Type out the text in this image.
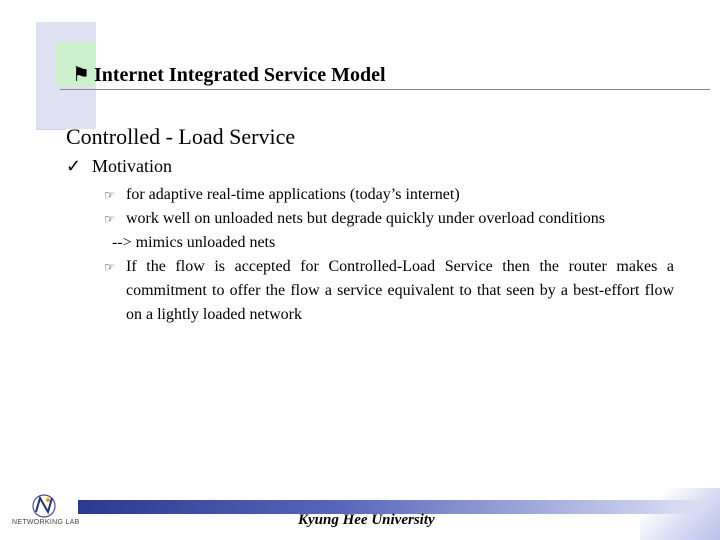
⚑ Internet Integrated Service Model
Controlled - Load Service
✓ Motivation
☞ for adaptive real-time applications (today’s internet)
☞ work well on unloaded nets but degrade quickly under overload conditions
--> mimics unloaded nets
☞ If the flow is accepted for Controlled-Load Service then the router makes a commitment to offer the flow a service equivalent to that seen by a best-effort flow on a lightly loaded network
NETWORKING LAB	Kyung Hee University
